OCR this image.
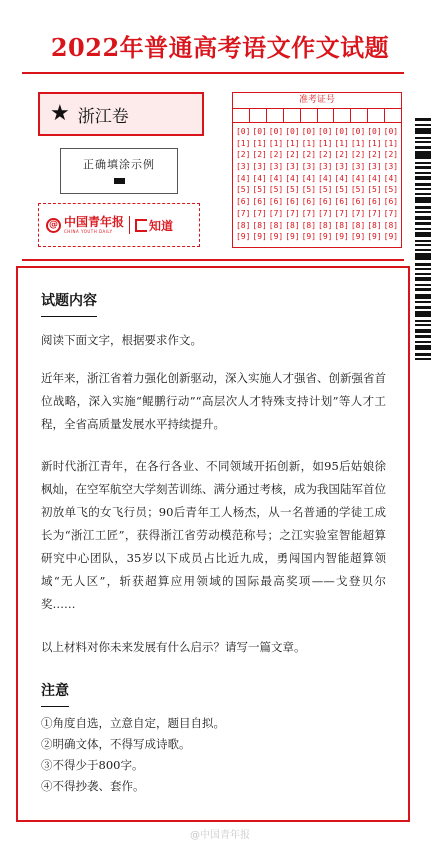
2022年普通高考语文作文试题
★ 浙江卷
正确填涂示例
@ 中国青年报
CHINA YOUTH DAILY	知道
准考证号
[0]
[1]
[2]
[3]
[4]
[5]
[6]
[7]
[8]
[9]
[0]
[1]
[2]
[3]
[4]
[5]
[6]
[7]
[8]
[9]
[0]
[1]
[2]
[3]
[4]
[5]
[6]
[7]
[8]
[9]
[0]
[1]
[2]
[3]
[4]
[5]
[6]
[7]
[8]
[9]
[0]
[1]
[2]
[3]
[4]
[5]
[6]
[7]
[8]
[9]
[0]
[1]
[2]
[3]
[4]
[5]
[6]
[7]
[8]
[9]
[0]
[1]
[2]
[3]
[4]
[5]
[6]
[7]
[8]
[9]
[0]
[1]
[2]
[3]
[4]
[5]
[6]
[7]
[8]
[9]
[0]
[1]
[2]
[3]
[4]
[5]
[6]
[7]
[8]
[9]
[0]
[1]
[2]
[3]
[4]
[5]
[6]
[7]
[8]
[9]
试题内容

阅读下面文字，根据要求作文。

近年来，浙江省着力强化创新驱动，深入实施人才强省、创新强省首位战略，深入实施“鲲鹏行动”“高层次人才特殊支持计划”等人才工程，全省高质量发展水平持续提升。

新时代浙江青年，在各行各业、不同领域开拓创新，如95后姑娘徐枫灿，在空军航空大学刻苦训练、满分通过考核，成为我国陆军首位初放单飞的女飞行员；90后青年工人杨杰，从一名普通的学徒工成长为“浙江工匠”，获得浙江省劳动模范称号；之江实验室智能超算研究中心团队，35岁以下成员占比近九成，勇闯国内智能超算领域“无人区”，斩获超算应用领域的国际最高奖项——戈登贝尔奖……

以上材料对你未来发展有什么启示？请写一篇文章。

注意

①角度自选，立意自定，题目自拟。

②明确文体，不得写成诗歌。

③不得少于800字。

④不得抄袭、套作。

@中国青年报
